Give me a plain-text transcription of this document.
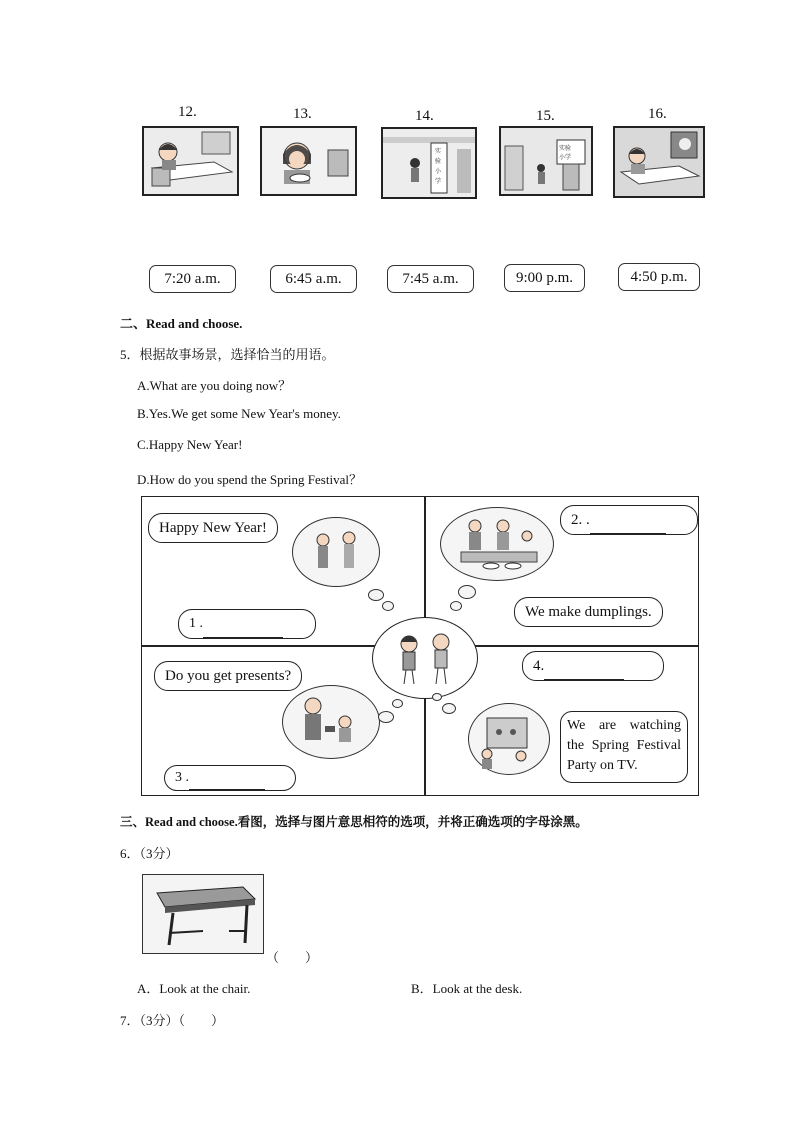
12.	13.	14.	15.	16.
实
验
小
学
实验
小学
7:20 a.m.	6:45 a.m.	7:45 a.m.	9:00 p.m.	4:50 p.m.
二、Read and choose.
5．根据故事场景，选择恰当的用语。
A.What are you doing now？
B.Yes.We get some New Year's money.
C.Happy New Year!
D.How do you spend the Spring Festival？
Happy New Year!
1 .
2. .
We make dumplings.
Do you get presents?
3 .
4.
We are watching the Spring Festival Party on TV.
三、Read and choose.看图，选择与图片意思相符的选项，并将正确选项的字母涂黑。
6．（3分）
（　　）
A．Look at the chair.	B．Look at the desk.
7．（3分）（　　）
